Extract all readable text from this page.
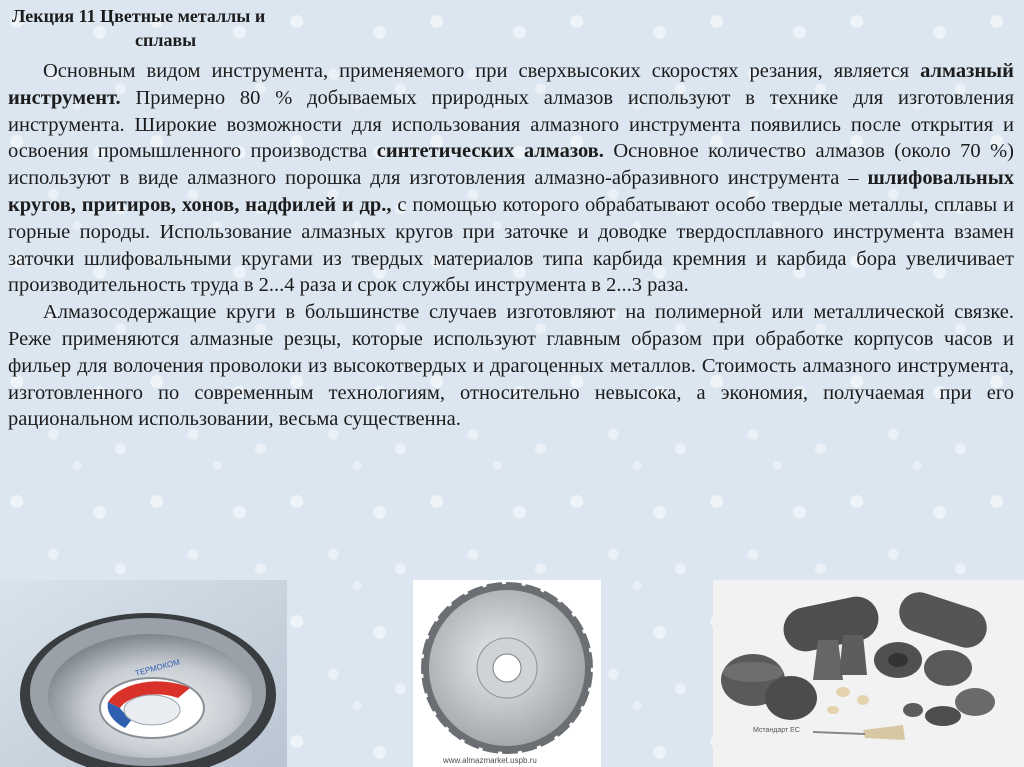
Лекция 11 Цветные металлы и
сплавы

Основным видом инструмента, применяемого при сверхвысоких скоростях резания, является алмазный инструмент. Примерно 80 % добываемых природных алмазов используют в технике для изготовления инструмента. Широкие возможности для использования алмазного инструмента появились после открытия и освоения промышленного производства синтетических алмазов. Основное количество алмазов (около 70 %) используют в виде алмазного порошка для изготовления алмазно-абразивного инструмента – шлифовальных кругов, притиров, хонов, надфилей и др., с помощью которого обрабатывают особо твердые металлы, сплавы и горные породы. Использование алмазных кругов при заточке и доводке твердосплавного инструмента взамен заточки шлифовальными кругами из твердых материалов типа карбида кремния и карбида бора увеличивает производительность труда в 2...4 раза и срок службы инструмента в 2...3 раза.

Алмазосодержащие круги в большинстве случаев изготовляют на полимерной или металлической связке. Реже применяются алмазные резцы, которые используют главным образом при обработке корпусов часов и фильер для волочения проволоки из высокотвердых и драгоценных металлов. Стоимость алмазного инструмента, изготовленного по современным технологиям, относительно невысока, а экономия, получаемая при его рациональном использовании, весьма существенна.

ТЕРМОКОМ
www.almazmarket.uspb.ru
Мстандарт ЕС
